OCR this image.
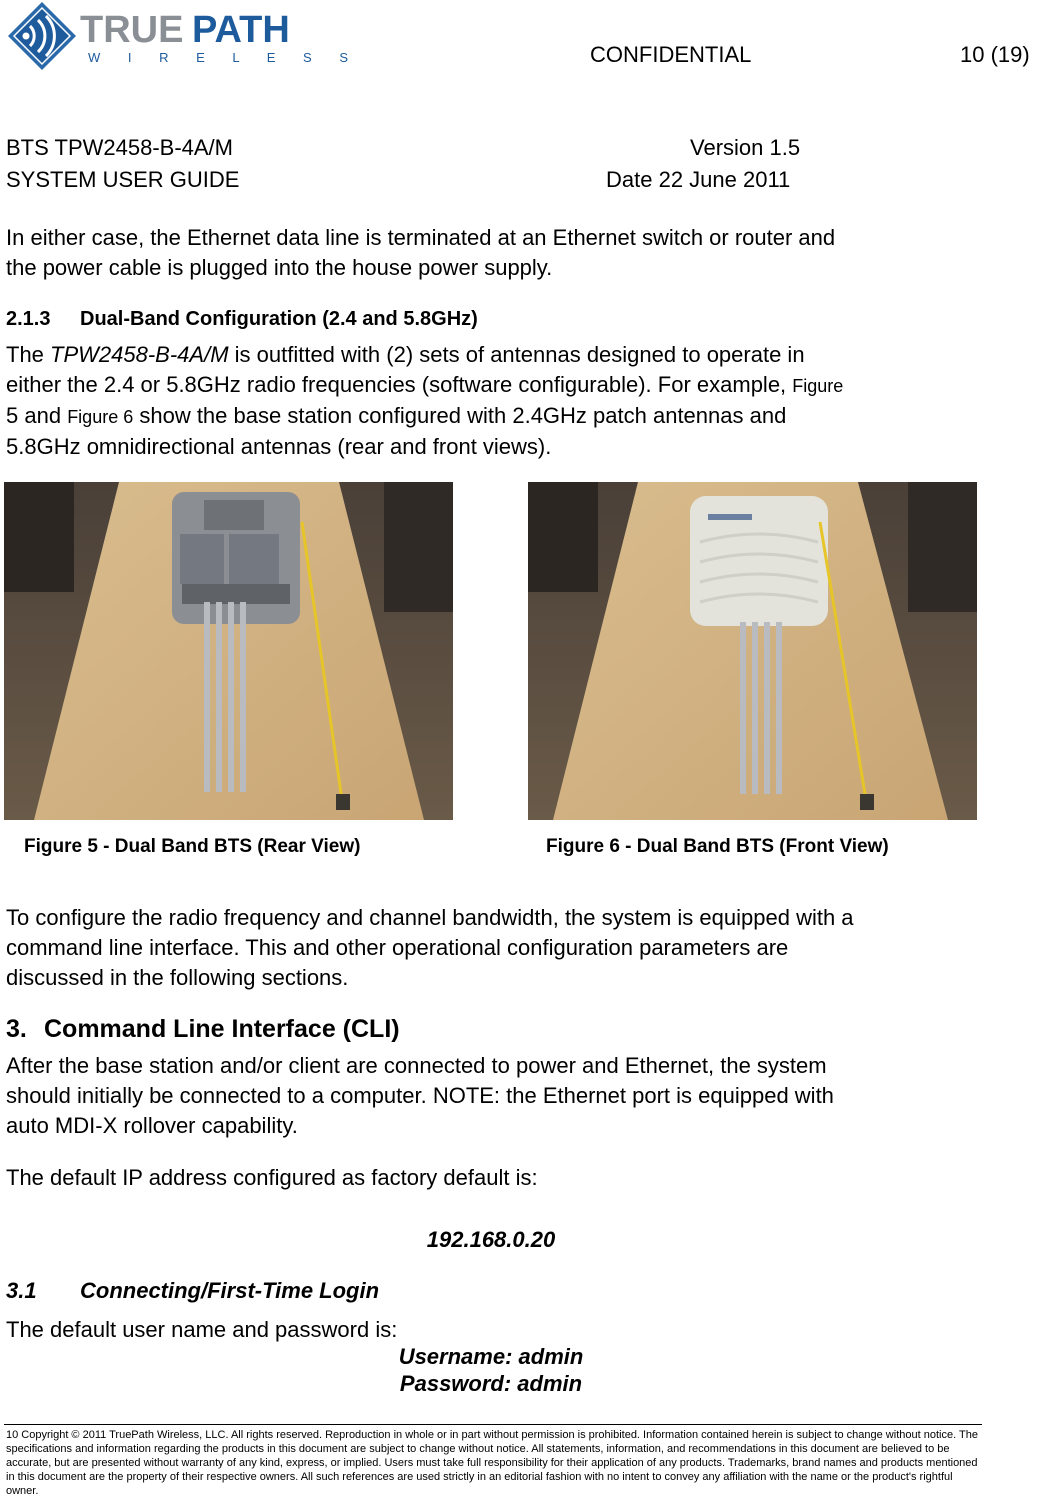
TRUE PATH
W I R E L E S S	CONFIDENTIAL	10 (19)
BTS TPW2458-B-4A/M	Version 1.5
SYSTEM USER GUIDE	Date 22 June 2011
In either case, the Ethernet data line is terminated at an Ethernet switch or router and
the power cable is plugged into the house power supply.
2.1.3 Dual-Band Configuration (2.4 and 5.8GHz)
The TPW2458-B-4A/M is outfitted with (2) sets of antennas designed to operate in
either the 2.4 or 5.8GHz radio frequencies (software configurable). For example, Figure
5 and Figure 6 show the base station configured with 2.4GHz patch antennas and
5.8GHz omnidirectional antennas (rear and front views).
Figure 5 - Dual Band BTS (Rear View)	Figure 6 - Dual Band BTS (Front View)
To configure the radio frequency and channel bandwidth, the system is equipped with a
command line interface. This and other operational configuration parameters are
discussed in the following sections.
3. Command Line Interface (CLI)
After the base station and/or client are connected to power and Ethernet, the system
should initially be connected to a computer. NOTE: the Ethernet port is equipped with
auto MDI-X rollover capability.
The default IP address configured as factory default is:
192.168.0.20
3.1 Connecting/First-Time Login
The default user name and password is:
Username: admin
Password: admin
10 Copyright © 2011 TruePath Wireless, LLC. All rights reserved. Reproduction in whole or in part without permission is prohibited. Information contained herein is subject to change without notice. The specifications and information regarding the products in this document are subject to change without notice. All statements, information, and recommendations in this document are believed to be accurate, but are presented without warranty of any kind, express, or implied. Users must take full responsibility for their application of any products. Trademarks, brand names and products mentioned in this document are the property of their respective owners. All such references are used strictly in an editorial fashion with no intent to convey any affiliation with the name or the product's rightful owner.
